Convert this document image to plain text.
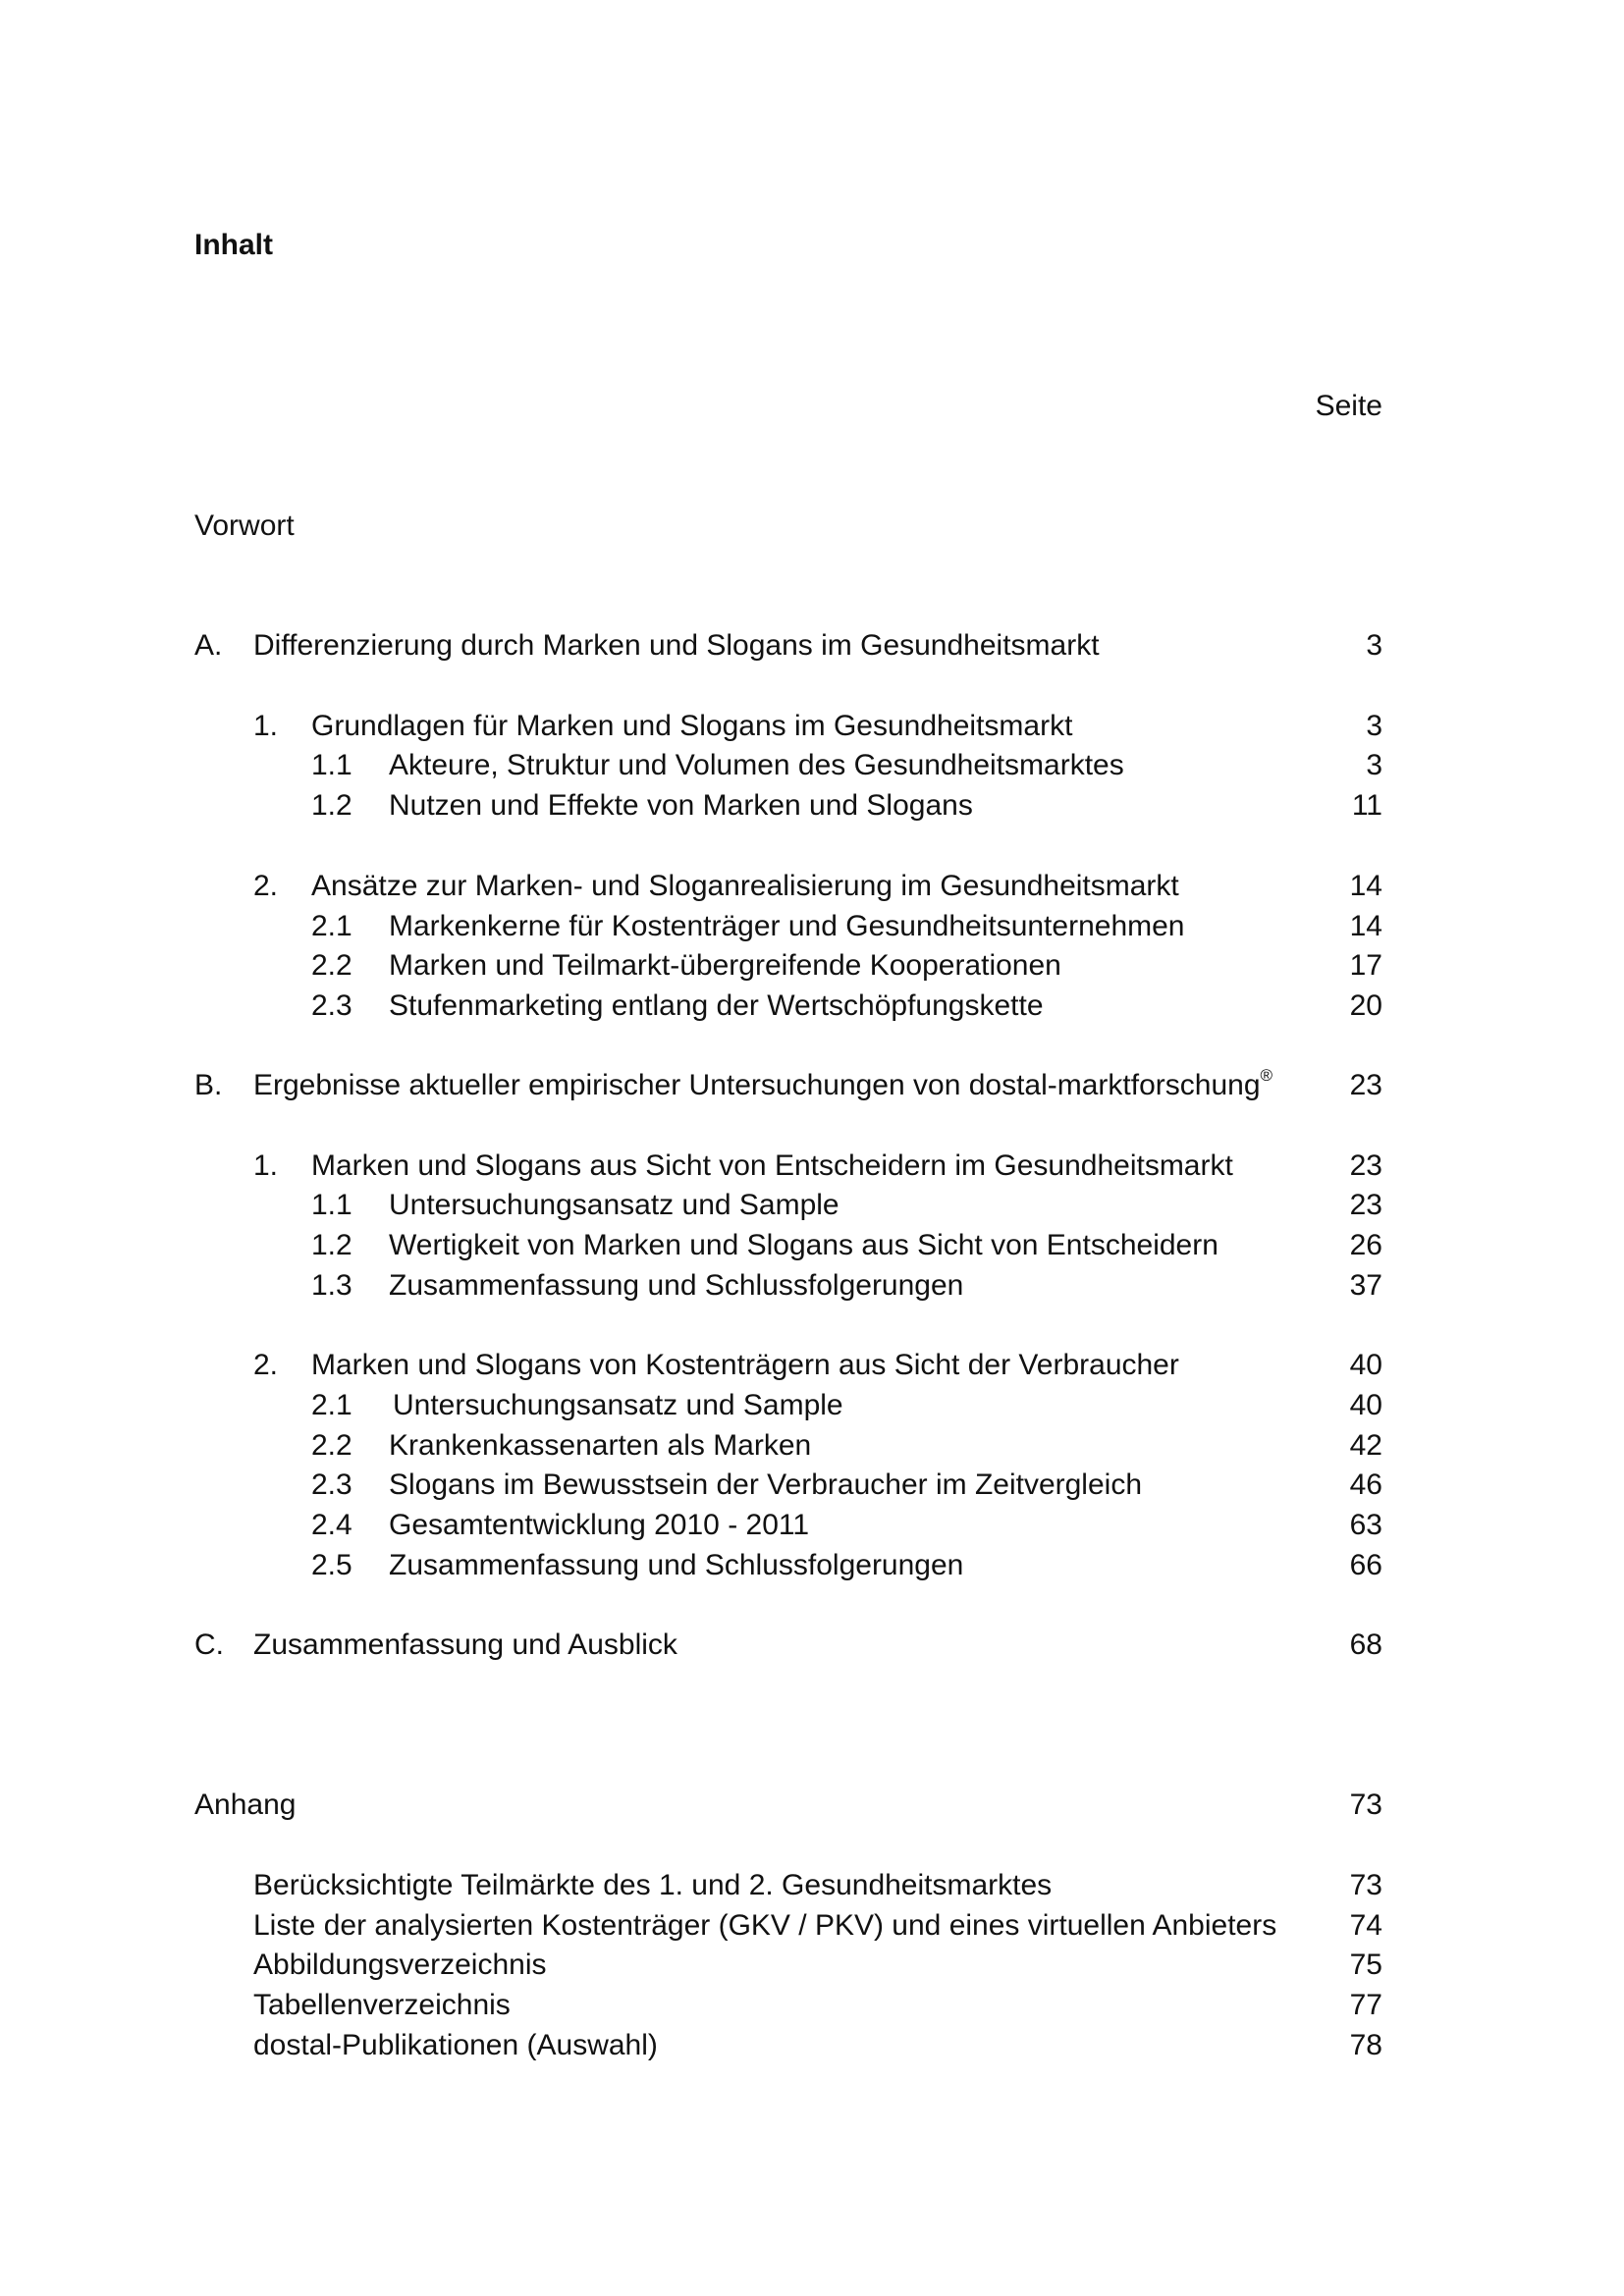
Inhalt
Seite
Vorwort
A. Differenzierung durch Marken und Slogans im Gesundheitsmarkt	3
1. Grundlagen für Marken und Slogans im Gesundheitsmarkt	3
1.1 Akteure, Struktur und Volumen des Gesundheitsmarktes	3
1.2 Nutzen und Effekte von Marken und Slogans	11
2. Ansätze zur Marken- und Sloganrealisierung im Gesundheitsmarkt	14
2.1 Markenkerne für Kostenträger und Gesundheitsunternehmen	14
2.2 Marken und Teilmarkt-übergreifende Kooperationen	17
2.3 Stufenmarketing entlang der Wertschöpfungskette	20
B. Ergebnisse aktueller empirischer Untersuchungen von dostal-marktforschung®	23
1. Marken und Slogans aus Sicht von Entscheidern im Gesundheitsmarkt	23
1.1 Untersuchungsansatz und Sample	23
1.2 Wertigkeit von Marken und Slogans aus Sicht von Entscheidern	26
1.3 Zusammenfassung und Schlussfolgerungen	37
2. Marken und Slogans von Kostenträgern aus Sicht der Verbraucher	40
2.1 Untersuchungsansatz und Sample	40
2.2 Krankenkassenarten als Marken	42
2.3 Slogans im Bewusstsein der Verbraucher im Zeitvergleich	46
2.4 Gesamtentwicklung 2010 - 2011	63
2.5 Zusammenfassung und Schlussfolgerungen	66
C. Zusammenfassung und Ausblick	68
Anhang	73
Berücksichtigte Teilmärkte des 1. und 2. Gesundheitsmarktes	73
Liste der analysierten Kostenträger (GKV / PKV) und eines virtuellen Anbieters 74
Abbildungsverzeichnis	75
Tabellenverzeichnis	77
dostal-Publikationen (Auswahl)	78
